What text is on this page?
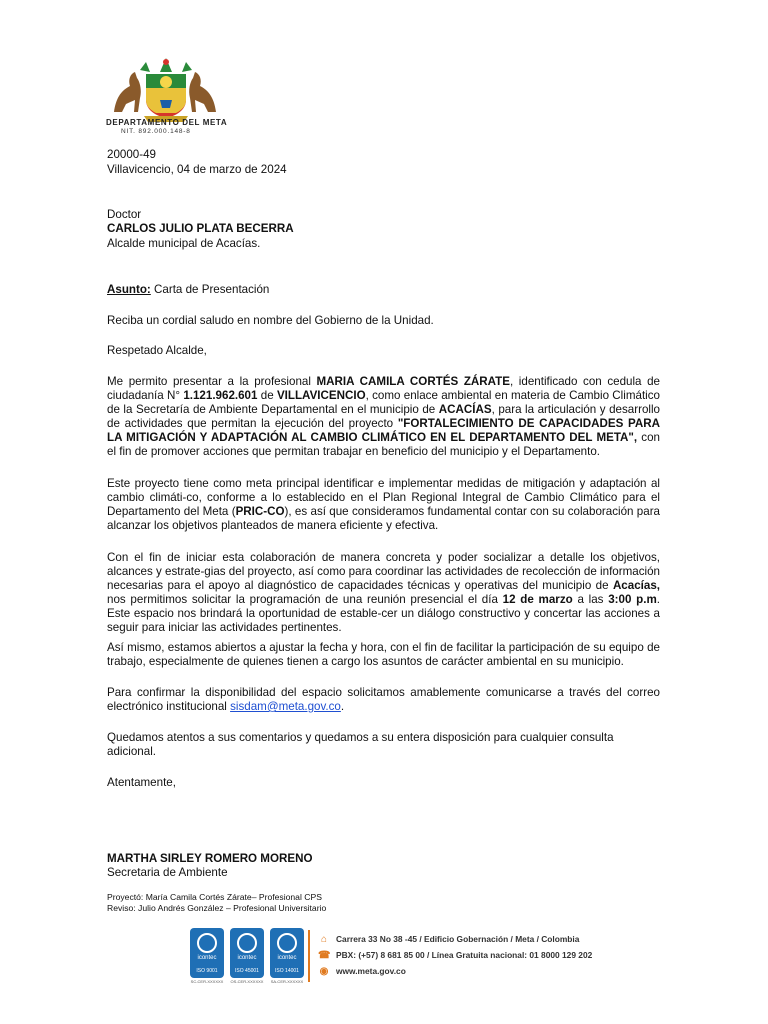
DEPARTAMENTO DEL META
NIT. 892.000.148-8
20000-49
Villavicencio, 04 de marzo de 2024
Doctor
CARLOS JULIO PLATA BECERRA
Alcalde municipal de Acacías.
Asunto: Carta de Presentación
Reciba un cordial saludo en nombre del Gobierno de la Unidad.
Respetado Alcalde,
Me permito presentar a la profesional MARIA CAMILA CORTÉS ZÁRATE, identificado con cedula de ciudadanía N° 1.121.962.601 de VILLAVICENCIO, como enlace ambiental en materia de Cambio Climático de la Secretaría de Ambiente Departamental en el municipio de ACACÍAS, para la articulación y desarrollo de actividades que permitan la ejecución del proyecto "FORTALECIMIENTO DE CAPACIDADES PARA LA MITIGACIÓN Y ADAPTACIÓN AL CAMBIO CLIMÁTICO EN EL DEPARTAMENTO DEL META", con el fin de promover acciones que permitan trabajar en beneficio del municipio y el Departamento.
Este proyecto tiene como meta principal identificar e implementar medidas de mitigación y adaptación al cambio climáti-co, conforme a lo establecido en el Plan Regional Integral de Cambio Climático para el Departamento del Meta (PRIC-CO), es así que consideramos fundamental contar con su colaboración para alcanzar los objetivos planteados de manera eficiente y efectiva.
Con el fin de iniciar esta colaboración de manera concreta y poder socializar a detalle los objetivos, alcances y estrate-gias del proyecto, así como para coordinar las actividades de recolección de información necesarias para el apoyo al diagnóstico de capacidades técnicas y operativas del municipio de Acacías, nos permitimos solicitar la programación de una reunión presencial el día 12 de marzo a las 3:00 p.m. Este espacio nos brindará la oportunidad de estable-cer un diálogo constructivo y concertar las acciones a seguir para iniciar las actividades pertinentes.
Así mismo, estamos abiertos a ajustar la fecha y hora, con el fin de facilitar la participación de su equipo de trabajo, especialmente de quienes tienen a cargo los asuntos de carácter ambiental en su municipio.
Para confirmar la disponibilidad del espacio solicitamos amablemente comunicarse a través del correo electrónico institucional sisdam@meta.gov.co.
Quedamos atentos a sus comentarios y quedamos a su entera disposición para cualquier consulta adicional.
Atentamente,
MARTHA SIRLEY ROMERO MORENO
Secretaria de Ambiente
Proyectó: María Camila Cortés Zárate– Profesional CPS
Reviso: Julio Andrés González – Profesional Universitario
icontec
ISO 9001
SC-CER-XXXXXX
icontec
ISO 45001
OS-CER-XXXXXX
icontec
ISO 14001
SA-CER-XXXXXX
⌂ Carrera 33 No 38 -45 / Edificio Gobernación / Meta / Colombia
☎ PBX: (+57) 8 681 85 00 / Línea Gratuita nacional: 01 8000 129 202
◉ www.meta.gov.co
